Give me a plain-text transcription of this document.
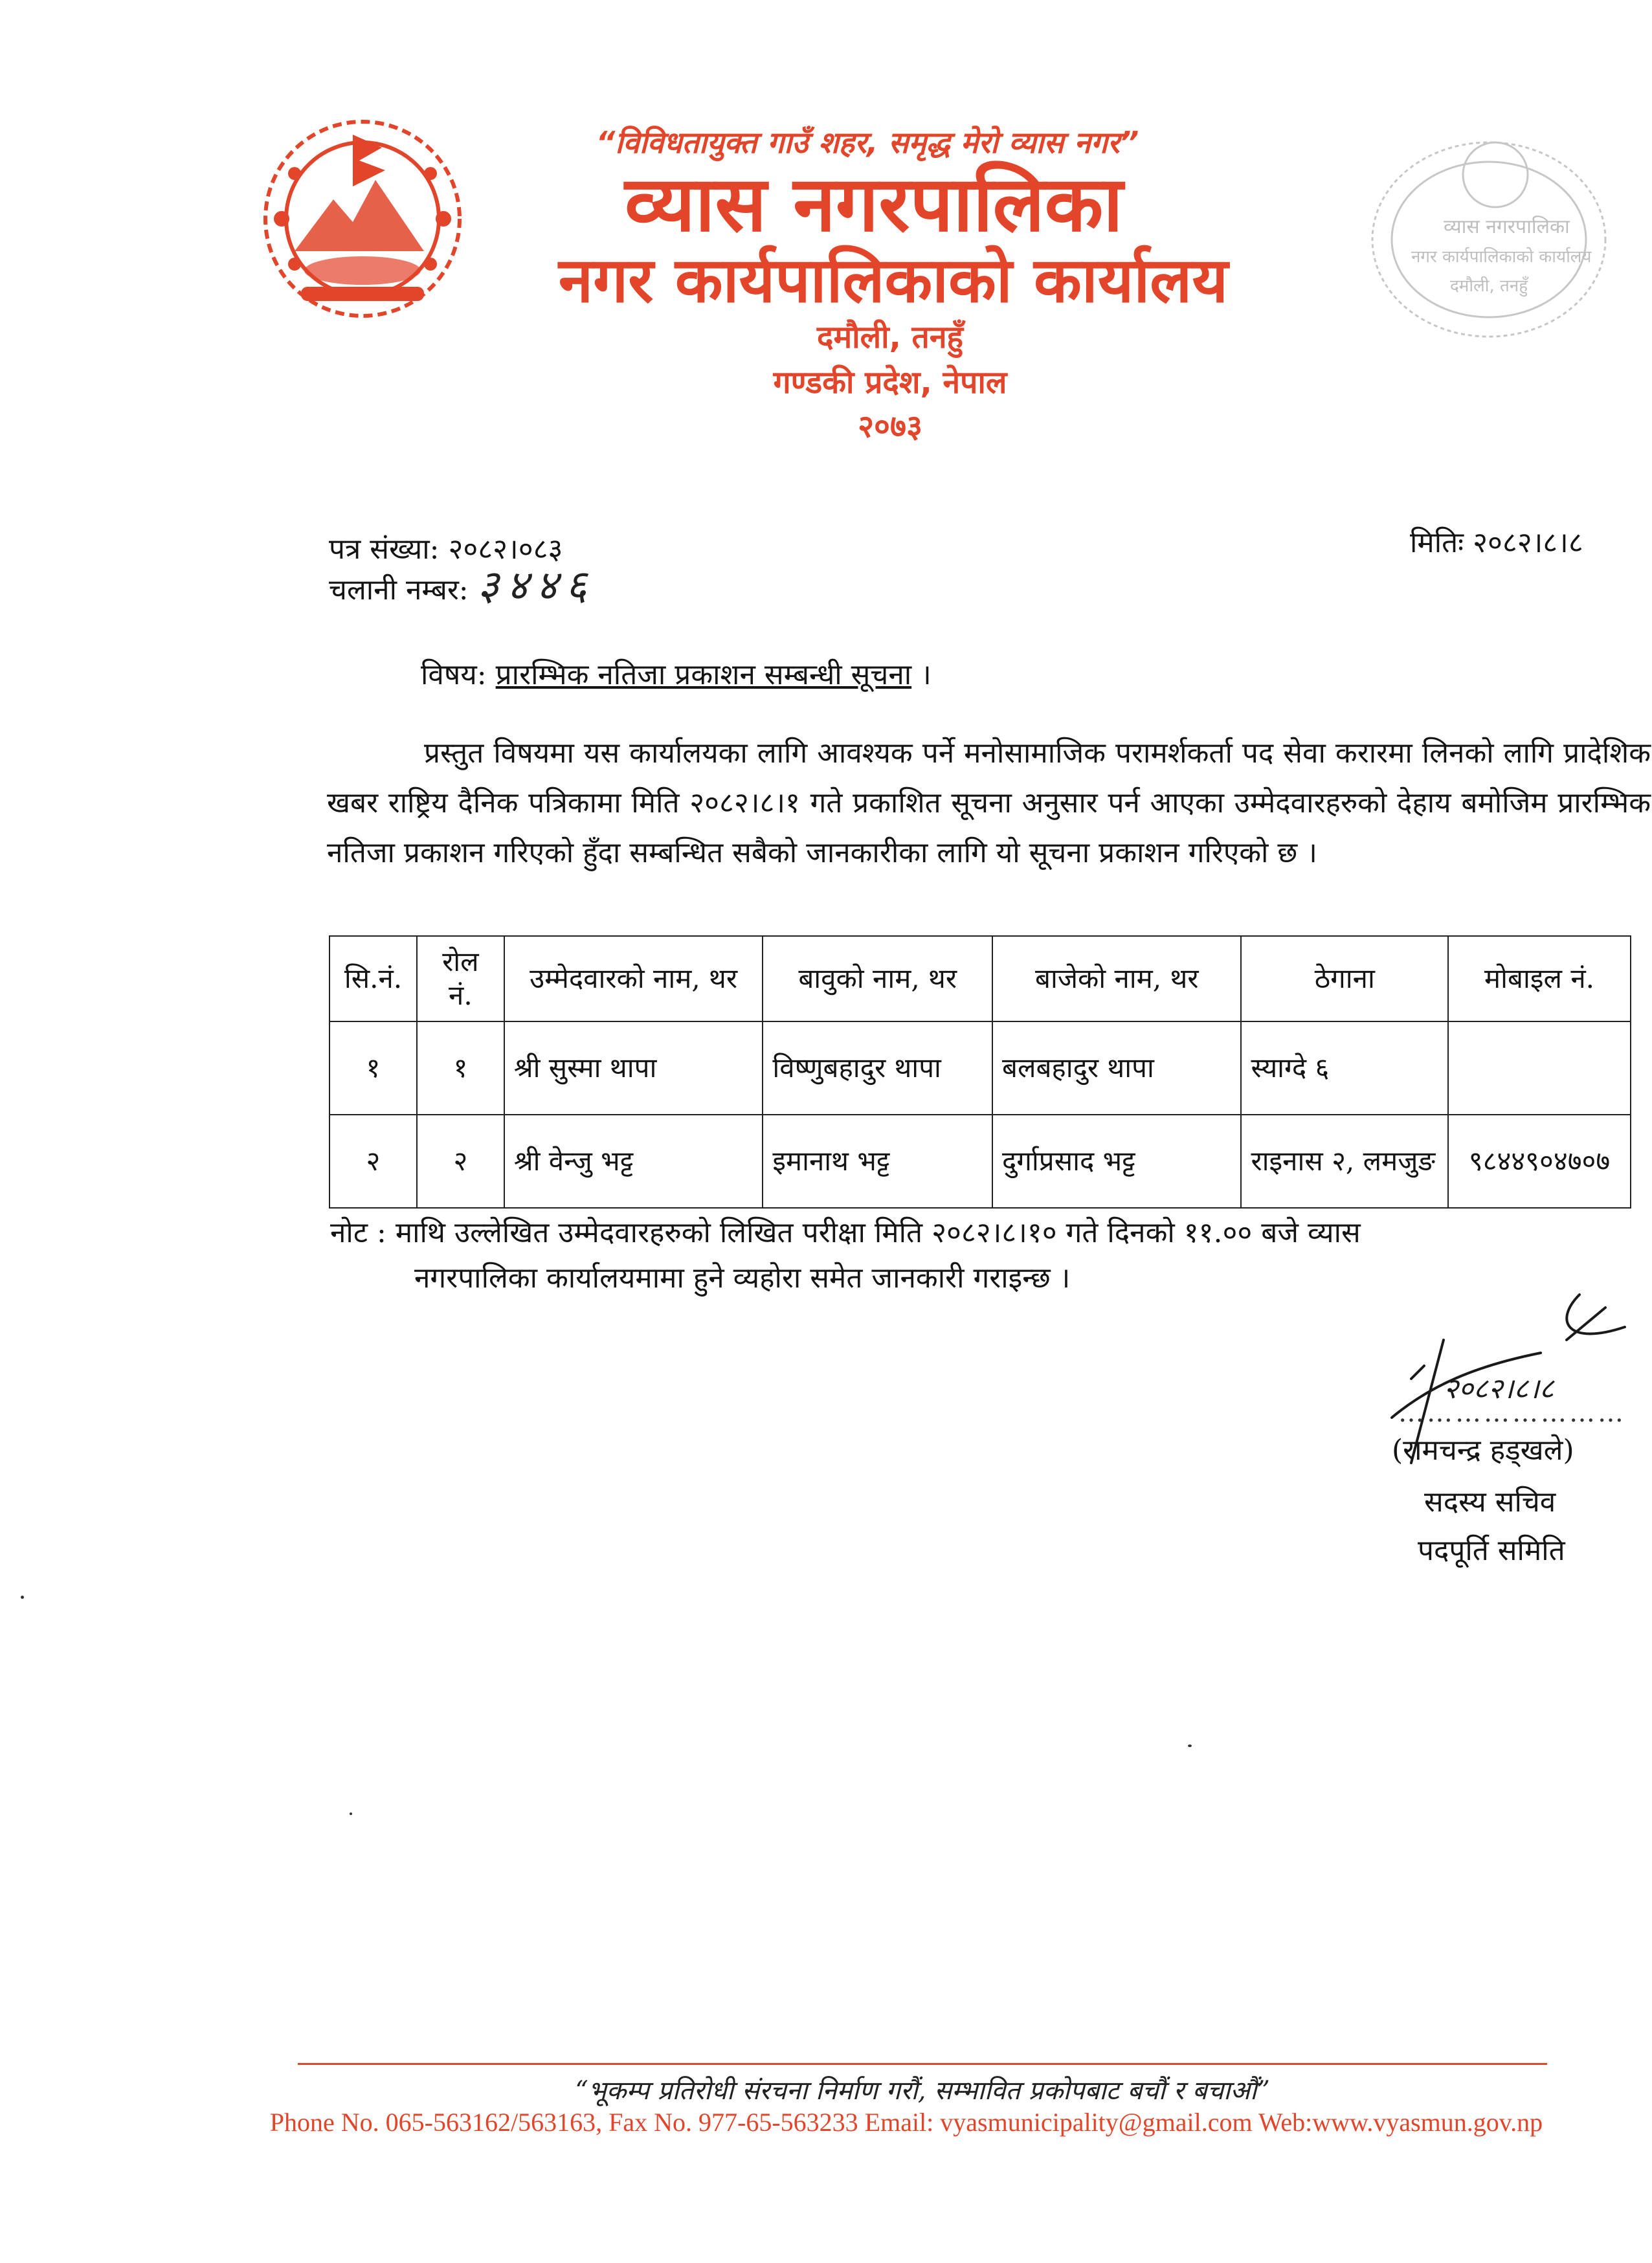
“विविधतायुक्त गाउँ शहर, समृद्ध मेरो व्यास नगर”
व्यास नगरपालिका
नगर कार्यपालिकाको कार्यालय
दमौली, तनहुँ
गण्डकी प्रदेश, नेपाल
२०७३
व्यास नगरपालिका
नगर कार्यपालिकाको कार्यालय
दमौली, तनहुँ
पत्र संख्या: २०८२।०८३
चलानी नम्बर: ३४४६
मितिः २०८२।८।८
विषय: प्रारम्भिक नतिजा प्रकाशन सम्बन्धी सूचना ।
प्रस्तुत विषयमा यस कार्यालयका लागि आवश्यक पर्ने मनोसामाजिक परामर्शकर्ता पद सेवा करारमा लिनको लागि प्रादेशिक खबर राष्ट्रिय दैनिक पत्रिकामा मिति २०८२।८।१ गते प्रकाशित सूचना अनुसार पर्न आएका उम्मेदवारहरुको देहाय बमोजिम प्रारम्भिक नतिजा प्रकाशन गरिएको हुँदा सम्बन्धित सबैको जानकारीका लागि यो सूचना प्रकाशन गरिएको छ ।
सि.नं.	रोल नं.	उम्मेदवारको नाम, थर	बावुको नाम, थर	बाजेको नाम, थर	ठेगाना	मोबाइल नं.
१	१	श्री सुस्मा थापा	विष्णुबहादुर थापा	बलबहादुर थापा	स्याग्दे ६	
२	२	श्री वेन्जु भट्ट	इमानाथ भट्ट	दुर्गाप्रसाद भट्ट	राइनास २, लमजुङ	९८४४९०४७०७
नोट : माथि उल्लेखित उम्मेदवारहरुको लिखित परीक्षा मिति २०८२।८।१० गते दिनको ११.०० बजे व्यास
नगरपालिका कार्यालयमामा हुने व्यहोरा समेत जानकारी गराइन्छ ।
२०८२।८।८
……………………
(रामचन्द्र हड्खले)
सदस्य सचिव
पदपूर्ति समिति
“भूकम्प प्रतिरोधी संरचना निर्माण गरौं, सम्भावित प्रकोपबाट बचौं र बचाऔं”
Phone No. 065-563162/563163, Fax No. 977-65-563233 Email: vyasmunicipality@gmail.com Web:www.vyasmun.gov.np
